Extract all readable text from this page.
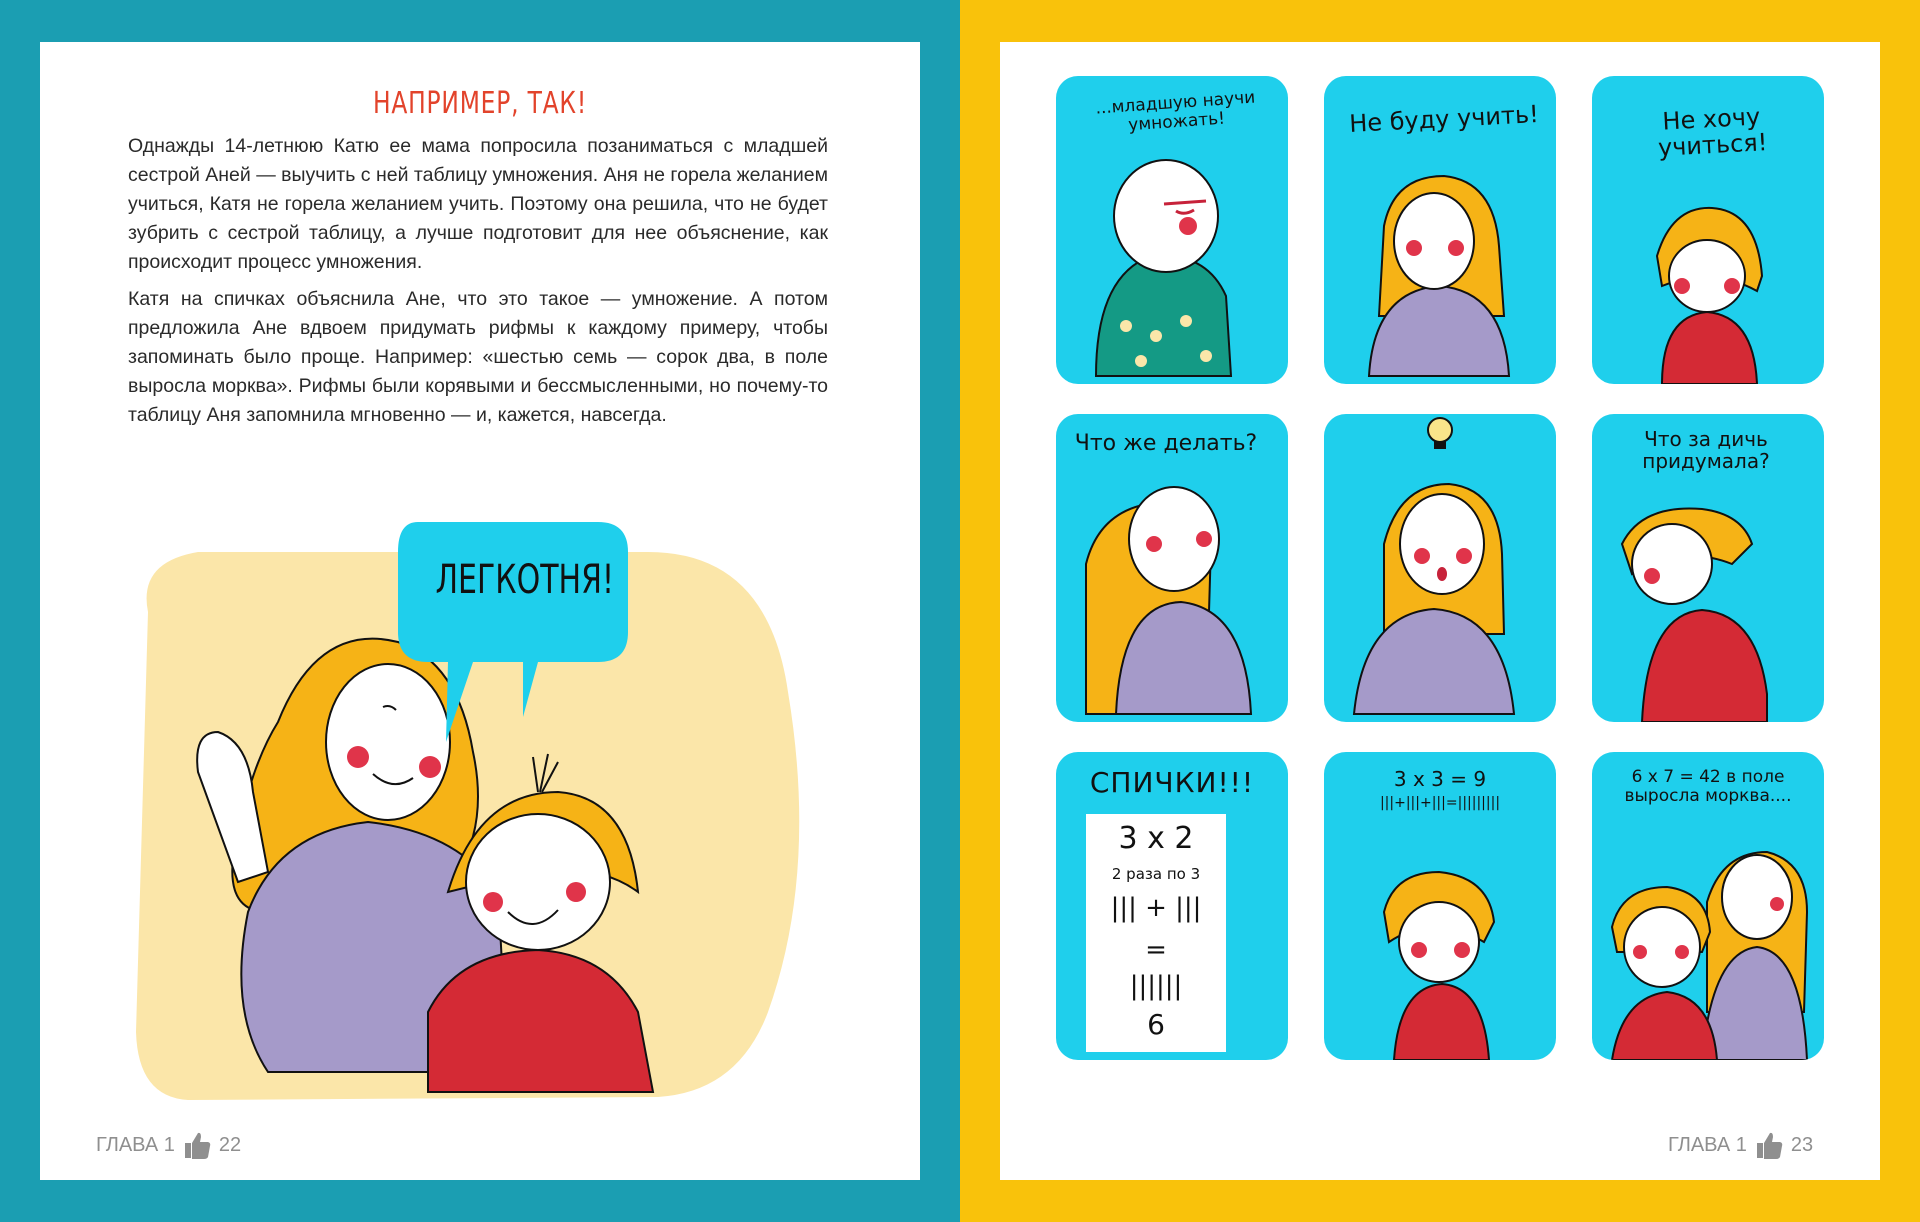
НАПРИМЕР, ТАК!

Однажды 14-летнюю Катю ее мама попросила позаниматься с младшей сестрой Аней — выучить с ней таблицу умножения. Аня не горела желанием учиться, Катя не горела желанием учить. Поэтому она решила, что не будет зубрить с сестрой таблицу, а лучше подготовит для нее объяснение, как происходит процесс умножения.

Катя на спичках объяснила Ане, что это такое — умножение. А потом предложила Ане вдвоем придумать рифмы к каждому примеру, чтобы запоминать было проще. Например: «шестью семь — сорок два, в поле выросла морква». Рифмы были корявыми и бессмысленными, но почему-то таблицу Аня запомнила мгновенно — и, кажется, навсегда.

ЛЕГКОТНЯ!
ГЛАВА 1 22
...младшую научи умножать!	Не буду учить!	Не хочу учиться!
Что же делать?	Что за дичь придумала?
СПИЧКИ!!!
3 х 2
2 раза по 3
||| + |||
=
||||||
6
3 х 3 = 9
|||+|||+|||=|||||||||
6 х 7 = 42 в поле выросла морква....
ГЛАВА 1 23
